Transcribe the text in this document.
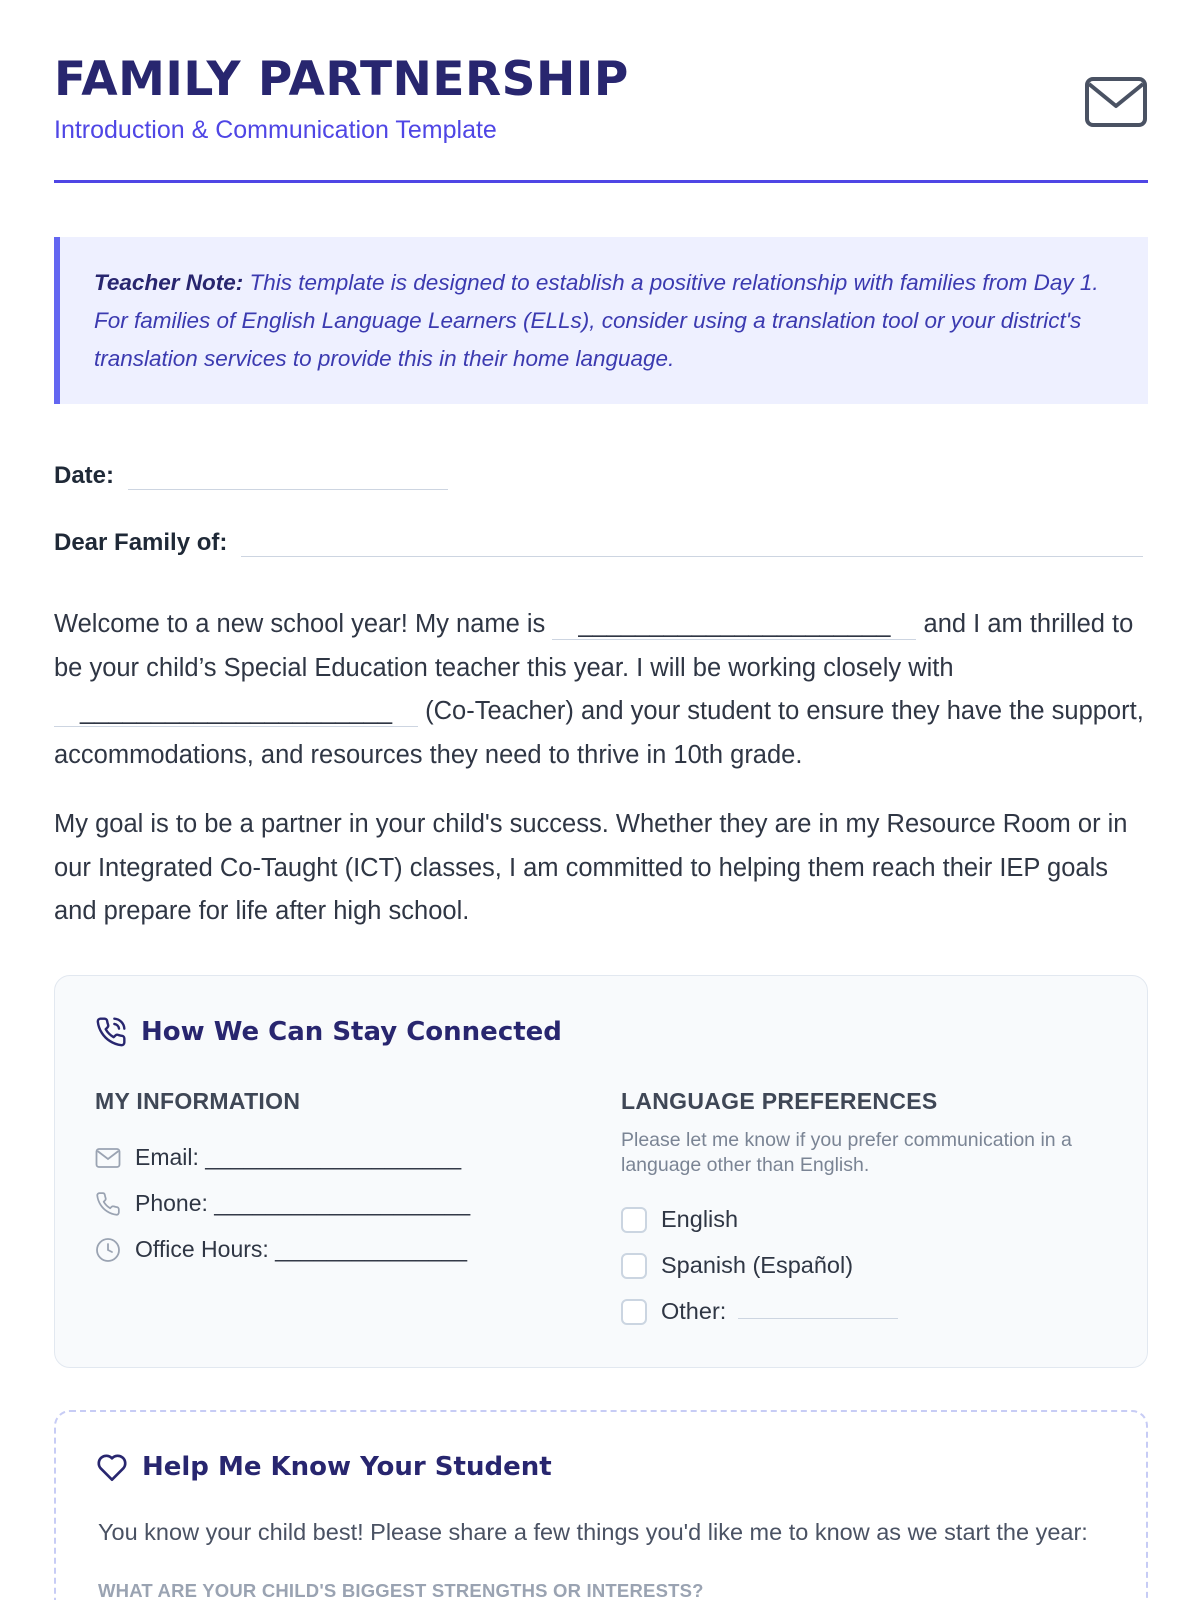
FAMILY PARTNERSHIP
Introduction & Communication Template

Teacher Note: This template is designed to establish a positive relationship with families from Day 1. For families of English Language Learners (ELLs), consider using a translation tool or your district's translation services to provide this in their home language.

Date:
Dear Family of:
Welcome to a new school year! My name is ______________________ and I am thrilled to be your child’s Special Education teacher this year. I will be working closely with ______________________ (Co-Teacher) and your student to ensure they have the support, accommodations, and resources they need to thrive in 10th grade.
My goal is to be a partner in your child's success. Whether they are in my Resource Room or in our Integrated Co-Taught (ICT) classes, I am committed to helping them reach their IEP goals and prepare for life after high school.
How We Can Stay Connected
MY INFORMATION
Email: ____________________
Phone: ____________________
Office Hours: _______________
LANGUAGE PREFERENCES
Please let me know if you prefer communication in a language other than English.
English
Spanish (Español)
Other:
Help Me Know Your Student
You know your child best! Please share a few things you'd like me to know as we start the year:
WHAT ARE YOUR CHILD'S BIGGEST STRENGTHS OR INTERESTS?
